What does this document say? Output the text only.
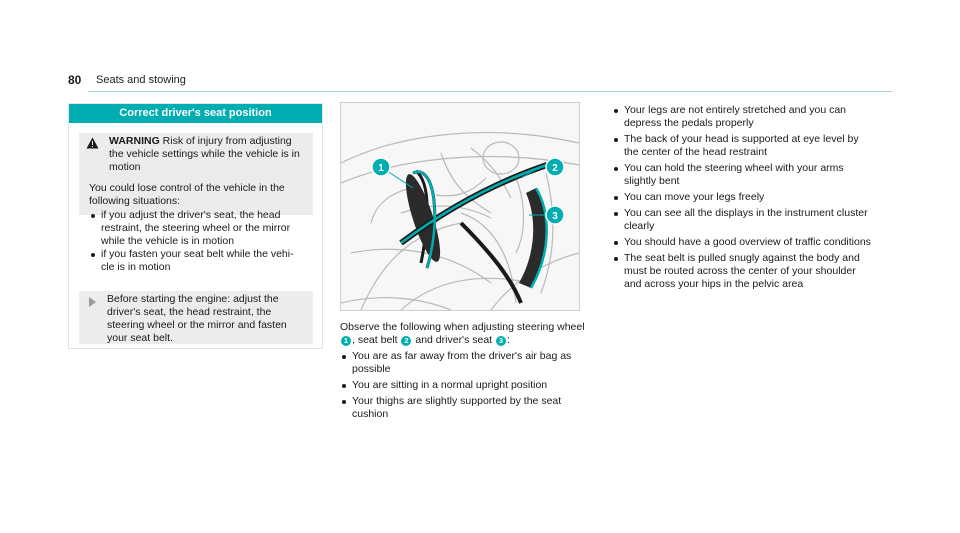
80 Seats and stowing
Correct driver's seat position
WARNING Risk of injury from adjusting the vehicle settings while the vehicle is in motion
You could lose control of the vehicle in the following situations:
if you adjust the driver's seat, the head restraint, the steering wheel or the mirror while the vehicle is in motion
if you fasten your seat belt while the vehicle is in motion
Before starting the engine: adjust the driver's seat, the head restraint, the steering wheel or the mirror and fasten your seat belt.
1	2
3
Observe the following when adjusting steering wheel 1 , seat belt 2 and driver's seat 3 :
You are as far away from the driver's air bag as possible
You are sitting in a normal upright position
Your thighs are slightly supported by the seat cushion
Your legs are not entirely stretched and you can depress the pedals properly
The back of your head is supported at eye level by the center of the head restraint
You can hold the steering wheel with your arms slightly bent
You can move your legs freely
You can see all the displays in the instrument cluster clearly
You should have a good overview of traffic conditions
The seat belt is pulled snugly against the body and must be routed across the center of your shoulder and across your hips in the pelvic area
